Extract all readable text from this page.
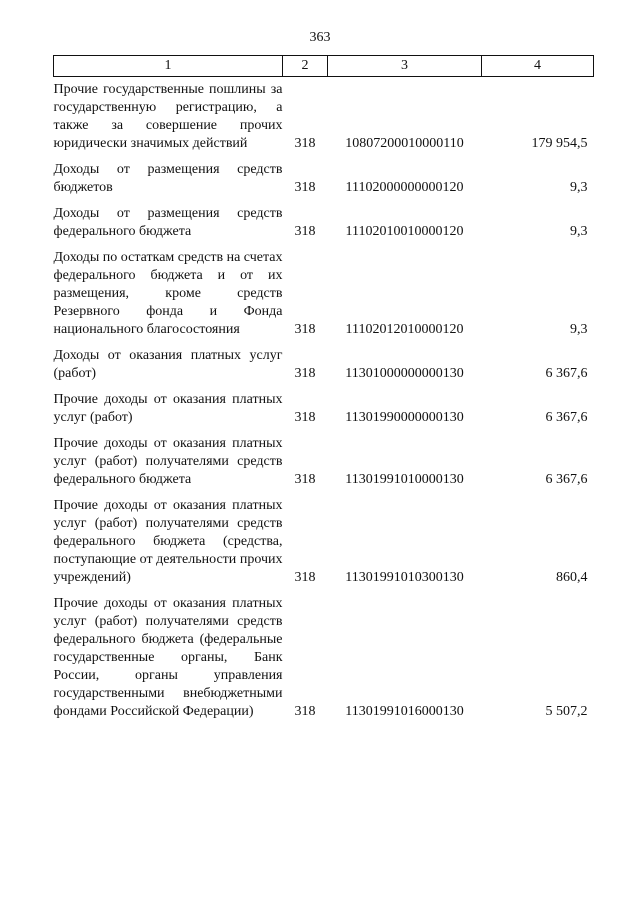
363
1	2	3	4
Прочие государственные пошлины за государственную регистрацию, а также за совершение прочих юридически значимых действий	318	10807200010000110	179 954,5
Доходы от размещения средств бюджетов	318	11102000000000120	9,3
Доходы от размещения средств федерального бюджета	318	11102010010000120	9,3
Доходы по остаткам средств на счетах федерального бюджета и от их размещения, кроме средств Резервного фонда и Фонда национального благосостояния	318	11102012010000120	9,3
Доходы от оказания платных услуг (работ)	318	11301000000000130	6 367,6
Прочие доходы от оказания платных услуг (работ)	318	11301990000000130	6 367,6
Прочие доходы от оказания платных услуг (работ) получателями средств федерального бюджета	318	11301991010000130	6 367,6
Прочие доходы от оказания платных услуг (работ) получателями средств федерального бюджета (средства, поступающие от деятельности прочих учреждений)	318	11301991010300130	860,4
Прочие доходы от оказания платных услуг (работ) получателями средств федерального бюджета (федеральные государственные органы, Банк России, органы управления государственными внебюджетными фондами Российской Федерации)	318	11301991016000130	5 507,2
